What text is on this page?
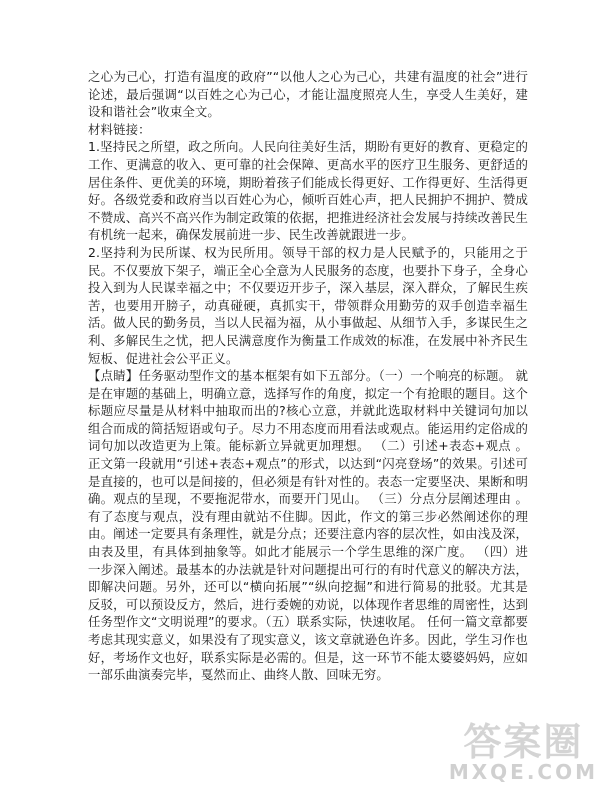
之心为己心，打造有温度的政府”“以他人之心为己心，共建有温度的社会”进行论述，最后强调“以百姓之心为己心，才能让温度照亮人生，享受人生美好，建设和谐社会”收束全文。

材料链接：

1.坚持民之所望，政之所向。人民向往美好生活，期盼有更好的教育、更稳定的工作、更满意的收入、更可靠的社会保障、更高水平的医疗卫生服务、更舒适的居住条件、更优美的环境，期盼着孩子们能成长得更好、工作得更好、生活得更好。各级党委和政府当以百姓心为心，倾听百姓心声，把人民拥护不拥护、赞成不赞成、高兴不高兴作为制定政策的依据，把推进经济社会发展与持续改善民生有机统一起来，确保发展前进一步、民生改善就跟进一步。

2.坚持利为民所谋、权为民所用。领导干部的权力是人民赋予的，只能用之于民。不仅要放下架子，端正全心全意为人民服务的态度，也要扑下身子，全身心投入到为人民谋幸福之中；不仅要迈开步子，深入基层，深入群众，了解民生疾苦，也要用开膀子，动真碰硬，真抓实干，带领群众用勤劳的双手创造幸福生活。做人民的勤务员，当以人民福为福，从小事做起、从细节入手，多谋民生之利、多解民生之忧，把人民满意度作为衡量工作成效的标准，在发展中补齐民生短板、促进社会公平正义。

【点睛】任务驱动型作文的基本框架有如下五部分。（一）一个响亮的标题。 就是在审题的基础上，明确立意，选择写作的角度，拟定一个有抢眼的题目。这个标题应尽量是从材料中抽取而出的?核心立意，并就此选取材料中关键词句加以组合而成的简括短语或句子。尽力不用态度而用看法或观点。能运用约定俗成的词句加以改造更为上策。能标新立异就更加理想。 （二）引述+表态+观点 。正文第一段就用“引述+表态+观点”的形式，以达到“闪亮登场”的效果。引述可是直接的，也可以是间接的，但必须是有针对性的。表态一定要坚决、果断和明确。观点的呈现，不要拖泥带水，而要开门见山。 （三）分点分层阐述理由 。有了态度与观点，没有理由就站不住脚。因此，作文的第三步必然阐述你的理由。阐述一定要具有条理性，就是分点；还要注意内容的层次性，如由浅及深，由表及里，有具体到抽象等。如此才能展示一个学生思维的深广度。 （四）进一步深入阐述。最基本的办法就是针对问题提出可行的有时代意义的解决方法，即解决问题。另外，还可以“横向拓展”“纵向挖掘”和进行简易的批驳。尤其是反驳，可以预设反方，然后，进行委婉的劝说，以体现作者思维的周密性，达到任务型作文“文明说理”的要求。（五）联系实际，快速收尾。 任何一篇文章都要考虑其现实意义，如果没有了现实意义，该文章就逊色许多。因此，学生习作也好，考场作文也好，联系实际是必需的。但是，这一环节不能太婆婆妈妈，应如一部乐曲演奏完毕，戛然而止、曲终人散、回味无穷。

答案圈
MXQE.COM
